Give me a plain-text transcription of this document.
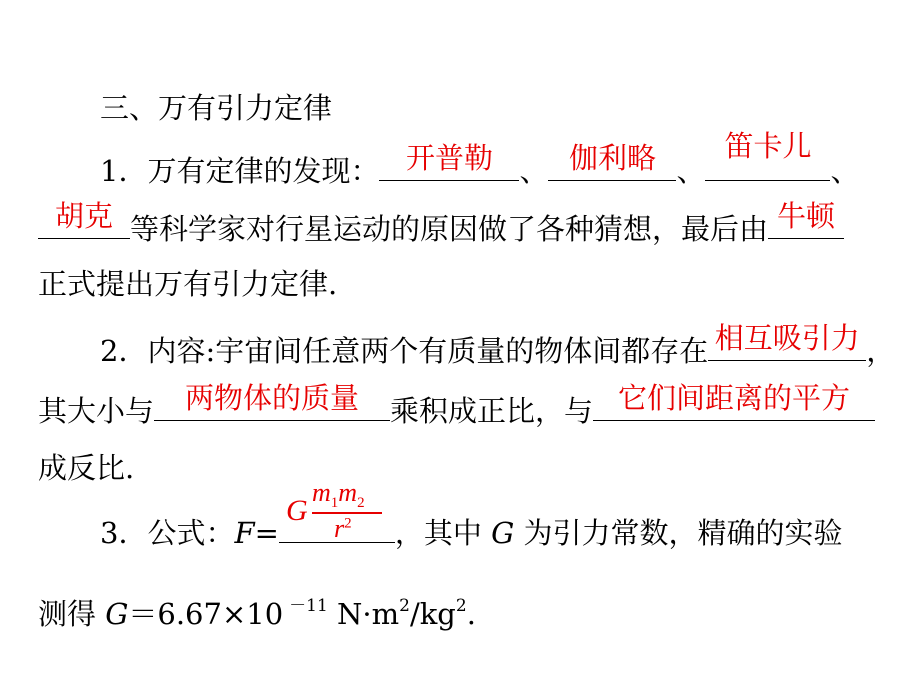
三、万有引力定律
1．万有定律的发现： 开普勒 、 伽利略 、
笛卡儿
、
胡克 等科学家对行星运动的原因做了各种猜想，最后由 牛顿
正式提出万有引力定律.
2．内容:宇宙间任意两个有质量的物体间都存在 相互吸引力 ，
其大小与	两物体的质量	乘积成正比，与 它们间距离的平方
成反比.
3．公式：F=	，其中 G 为引力常数，精确的实验
G
$m_1m_2$
$r^2$
测得 G＝6.67×10 $^{-11}$ $N\cdot m^2/kg^2$.
